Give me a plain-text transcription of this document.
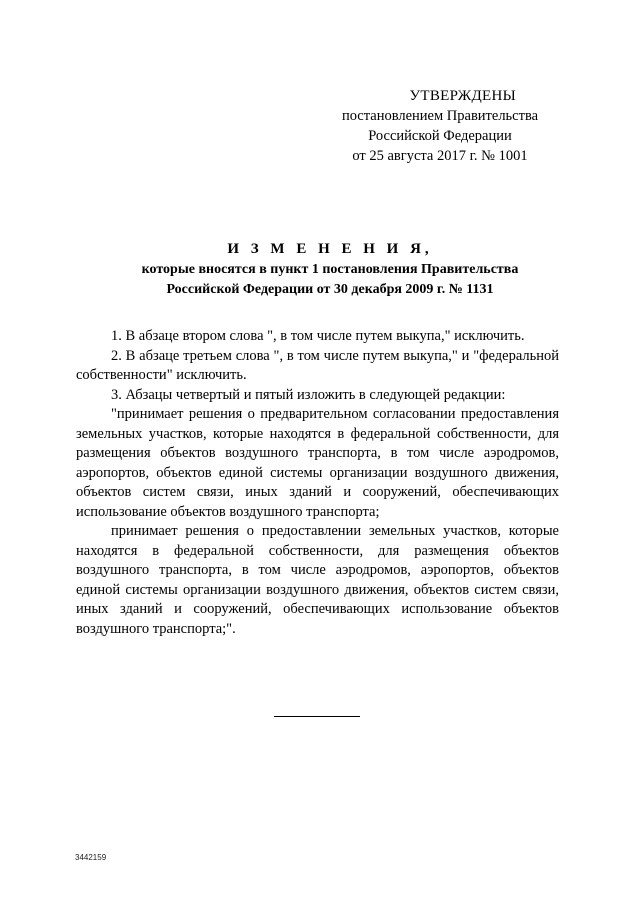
УТВЕРЖДЕНЫ
постановлением Правительства
Российской Федерации
от 25 августа 2017 г. № 1001
И З М Е Н Е Н И Я,
которые вносятся в пункт 1 постановления Правительства
Российской Федерации от 30 декабря 2009 г. № 1131

1. В абзаце втором слова ", в том числе путем выкупа," исключить.

2. В абзаце третьем слова ", в том числе путем выкупа," и "федеральной собственности" исключить.

3. Абзацы четвертый и пятый изложить в следующей редакции:

"принимает решения о предварительном согласовании предоставления земельных участков, которые находятся в федеральной собственности, для размещения объектов воздушного транспорта, в том числе аэродромов, аэропортов, объектов единой системы организации воздушного движения, объектов систем связи, иных зданий и сооружений, обеспечивающих использование объектов воздушного транспорта;

принимает решения о предоставлении земельных участков, которые находятся в федеральной собственности, для размещения объектов воздушного транспорта, в том числе аэродромов, аэропортов, объектов единой системы организации воздушного движения, объектов систем связи, иных зданий и сооружений, обеспечивающих использование объектов воздушного транспорта;".

3442159
